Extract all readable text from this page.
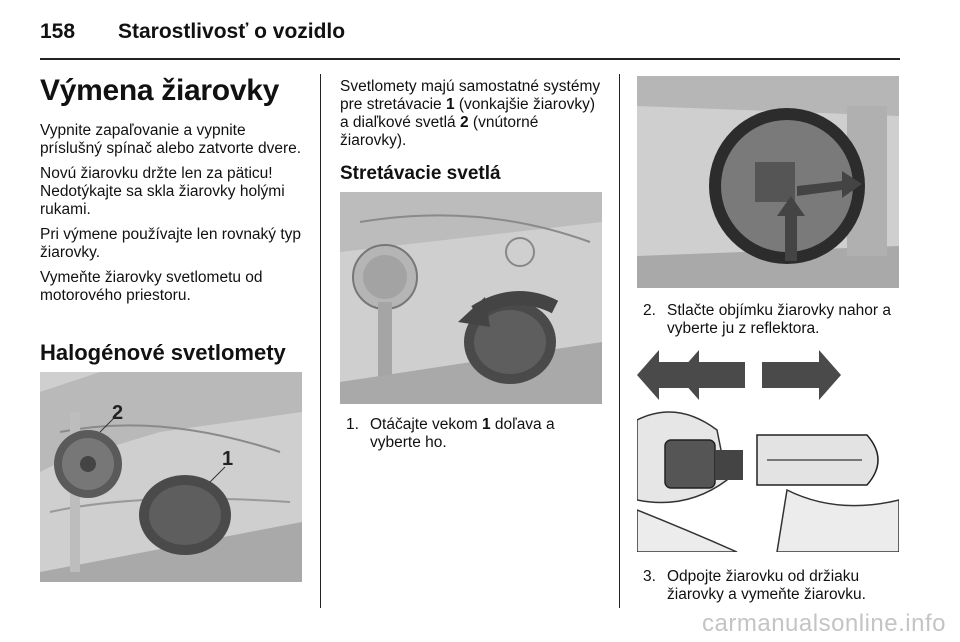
158 Starostlivosť o vozidlo
Výmena žiarovky

Vypnite zapaľovanie a vypnite príslušný spínač alebo zatvorte dvere.

Novú žiarovku držte len za päticu! Nedotýkajte sa skla žiarovky holými rukami.

Pri výmene používajte len rovnaký typ žiarovky.

Vymeňte žiarovky svetlometu od motorového priestoru.

Halogénové svetlomety
2
1
Svetlomety majú samostatné systémy pre stretávacie 1 (vonkajšie žiarovky) a diaľkové svetlá 2 (vnútorné žiarovky).
Stretávacie svetlá
1. Otáčajte vekom 1 doľava a vyberte ho.
2. Stlačte objímku žiarovky nahor a vyberte ju z reflektora.
3. Odpojte žiarovku od držiaku žiarovky a vymeňte žiarovku.
carmanualsonline.info
